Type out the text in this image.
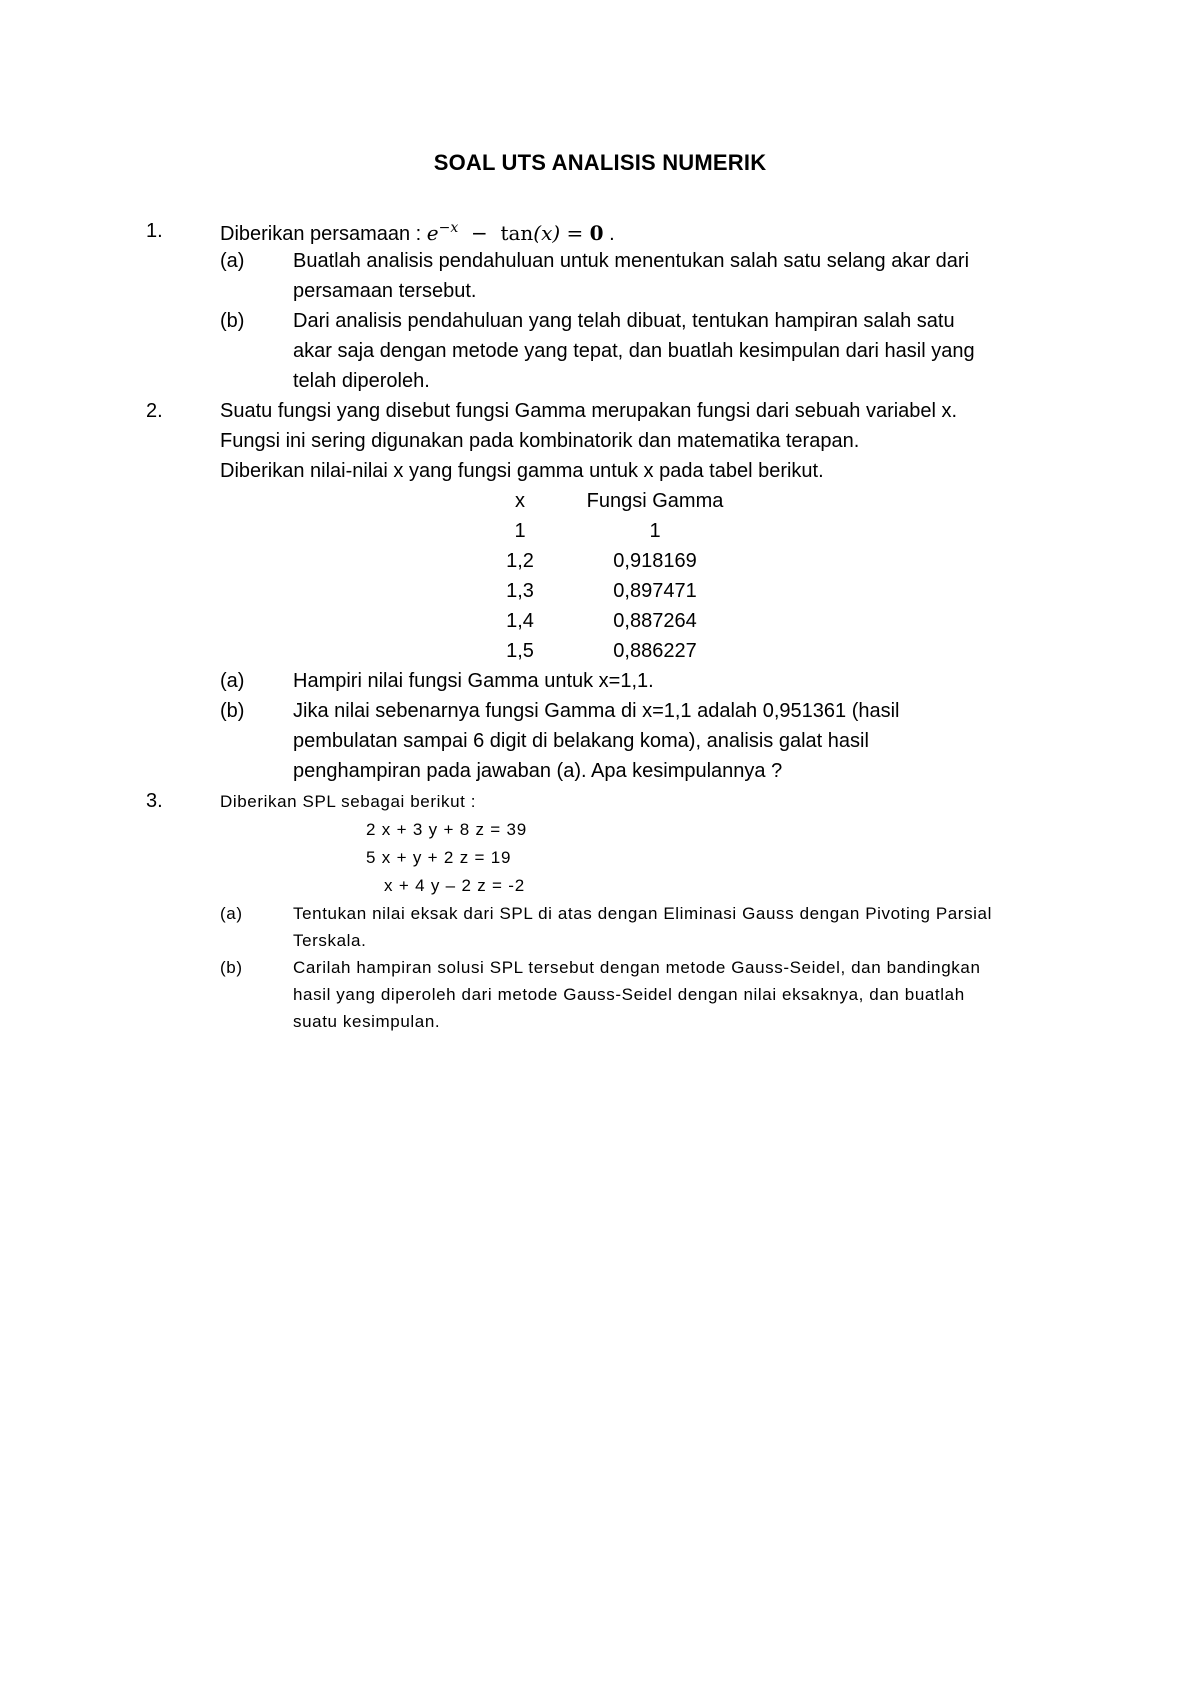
SOAL UTS ANALISIS NUMERIK
1.	Diberikan persamaan : $e^{-x} - \tan(x) = 0$ .
(a) Buatlah analisis pendahuluan untuk menentukan salah satu selang akar dari
persamaan tersebut.
(b) Dari analisis pendahuluan yang telah dibuat, tentukan hampiran salah satu
akar saja dengan metode yang tepat, dan buatlah kesimpulan dari hasil yang
telah diperoleh.
2.	Suatu fungsi yang disebut fungsi Gamma merupakan fungsi dari sebuah variabel x.
Fungsi ini sering digunakan pada kombinatorik dan matematika terapan.
Diberikan nilai-nilai x yang fungsi gamma untuk x pada tabel berikut.
x	Fungsi Gamma
1	1
1,2	0,918169
1,3	0,897471
1,4	0,887264
1,5	0,886227
(a) Hampiri nilai fungsi Gamma untuk x=1,1.
(b) Jika nilai sebenarnya fungsi Gamma di x=1,1 adalah 0,951361 (hasil
pembulatan sampai 6 digit di belakang koma), analisis galat hasil
penghampiran pada jawaban (a). Apa kesimpulannya ?
3.	Diberikan SPL sebagai berikut :
2 x + 3 y + 8 z = 39
5 x + y + 2 z = 19
x + 4 y – 2 z = -2
(a)	Tentukan nilai eksak dari SPL di atas dengan Eliminasi Gauss dengan Pivoting Parsial
Terskala.
(b)	Carilah hampiran solusi SPL tersebut dengan metode Gauss-Seidel, dan bandingkan
hasil yang diperoleh dari metode Gauss-Seidel dengan nilai eksaknya, dan buatlah
suatu kesimpulan.
